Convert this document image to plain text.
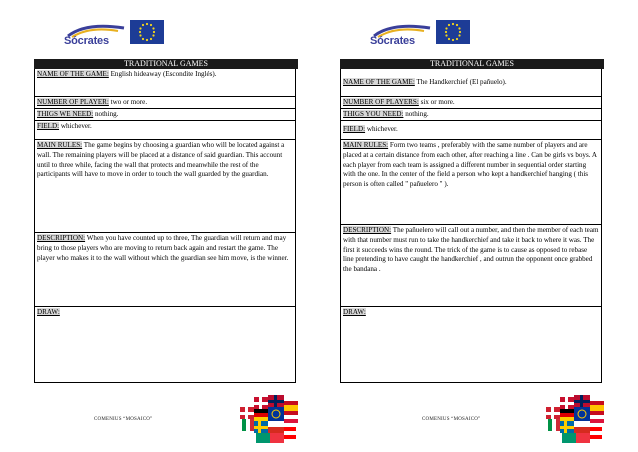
Sócrates
TRADITIONAL GAMES
NAME OF THE GAME: English hideaway (Escondite Inglés).
NUMBER OF PLAYER: two or more.
THIGS WE NEED: nothing.
FIELD: whichever.
MAIN RULES: The game begins by choosing a guardian who will be located against a wall. The remaining players will be placed at a distance of said guardian. This account until to three while, facing the wall that protects and meanwhile the rest of the participants will have to move in order to touch the wall guarded by the guardian.
DESCRIPTION: When you have counted up to three, The guardian will return and may bring to those players who are moving to return back again and restart the game. The player who makes it to the wall without which the guardian see him move, is the winner.
DRAW:
COMENIUS “MOSAICO”
Sócrates
TRADITIONAL GAMES
NAME OF THE GAME: The Handkerchief (El pañuelo).
NUMBER OF PLAYERS: six or more.
THIGS YOU NEED: nothing.
FIELD: whichever.
MAIN RULES: Form two teams , preferably with the same number of players and are placed at a certain distance from each other, after reaching a line . Can be girls vs boys. A each player from each team is assigned a different number in sequential order starting with the one. In the center of the field a person who kept a handkerchief hanging ( this person is often called " pañuelero " ).
DESCRIPTION: The pañuelero will call out a number, and then the member of each team with that number must run to take the handkerchief and take it back to where it was. The first it succeeds wins the round. The trick of the game is to cause as opposed to rebase line pretending to have caught the handkerchief , and outrun the opponent once grabbed the bandana .
DRAW:
COMENIUS “MOSAICO”
